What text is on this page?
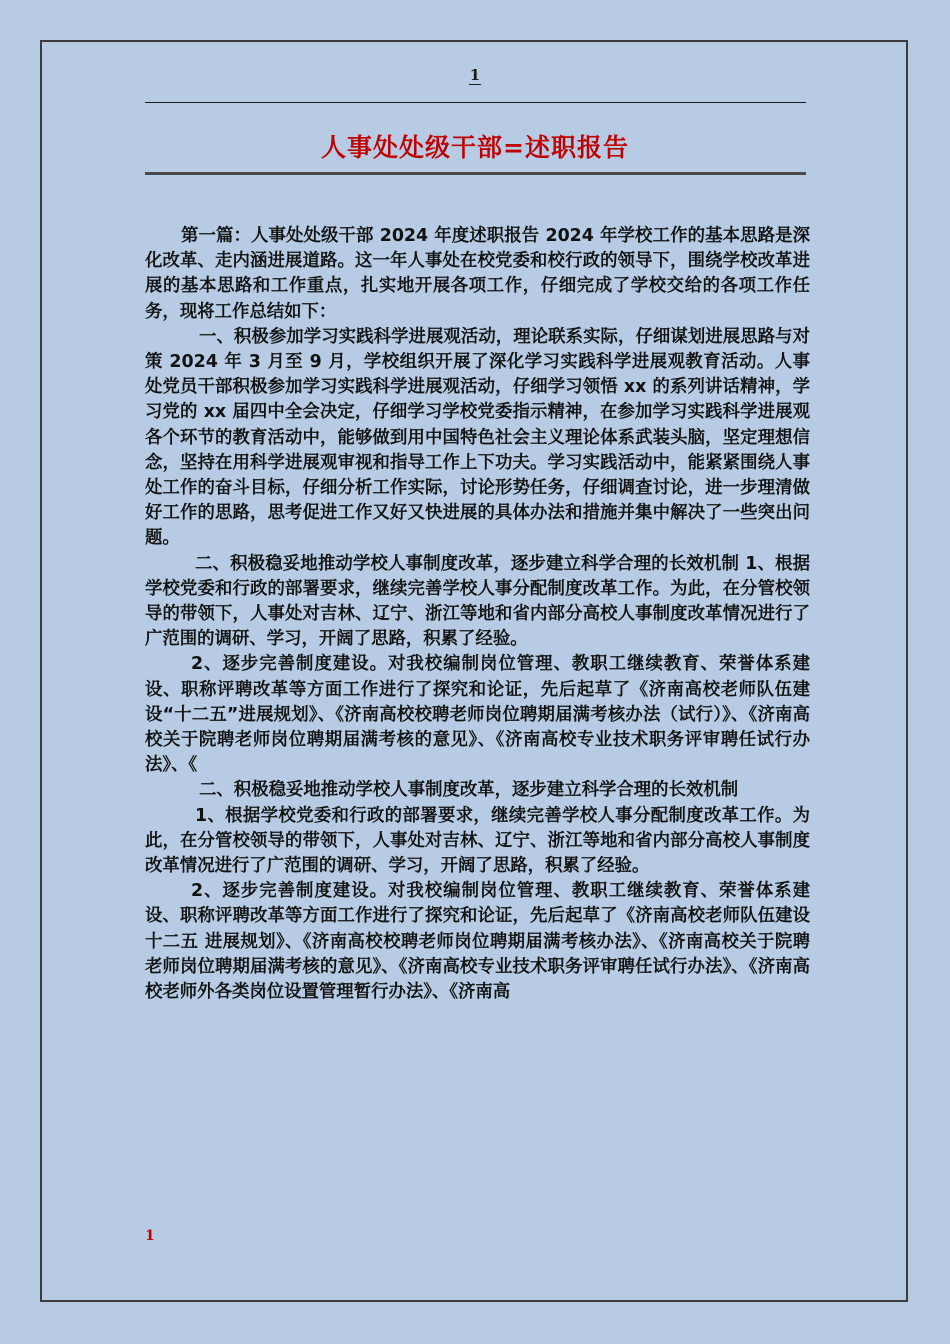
1
人事处处级干部=述职报告

第一篇：人事处处级干部 2024 年度述职报告 2024 年学校工作的基本思路是深化改革、走内涵进展道路。这一年人事处在校党委和校行政的领导下，围绕学校改革进展的基本思路和工作重点，扎实地开展各项工作，仔细完成了学校交给的各项工作任务，现将工作总结如下：

一、积极参加学习实践科学进展观活动，理论联系实际，仔细谋划进展思路与对策 2024 年 3 月至 9 月，学校组织开展了深化学习实践科学进展观教育活动。人事处党员干部积极参加学习实践科学进展观活动，仔细学习领悟 xx 的系列讲话精神，学习党的 xx 届四中全会决定，仔细学习学校党委指示精神，在参加学习实践科学进展观各个环节的教育活动中，能够做到用中国特色社会主义理论体系武装头脑，坚定理想信念，坚持在用科学进展观审视和指导工作上下功夫。学习实践活动中，能紧紧围绕人事处工作的奋斗目标，仔细分析工作实际，讨论形势任务，仔细调查讨论，进一步理清做好工作的思路，思考促进工作又好又快进展的具体办法和措施并集中解决了一些突出问题。

二、积极稳妥地推动学校人事制度改革，逐步建立科学合理的长效机制 1、根据学校党委和行政的部署要求，继续完善学校人事分配制度改革工作。为此，在分管校领导的带领下，人事处对吉林、辽宁、浙江等地和省内部分高校人事制度改革情况进行了广范围的调研、学习，开阔了思路，积累了经验。

2、逐步完善制度建设。对我校编制岗位管理、教职工继续教育、荣誉体系建设、职称评聘改革等方面工作进行了探究和论证，先后起草了《济南高校老师队伍建设“十二五”进展规划》、《济南高校校聘老师岗位聘期届满考核办法（试行）》、《济南高校关于院聘老师岗位聘期届满考核的意见》、《济南高校专业技术职务评审聘任试行办法》、《

二、积极稳妥地推动学校人事制度改革，逐步建立科学合理的长效机制

1、根据学校党委和行政的部署要求，继续完善学校人事分配制度改革工作。为此，在分管校领导的带领下，人事处对吉林、辽宁、浙江等地和省内部分高校人事制度改革情况进行了广范围的调研、学习，开阔了思路，积累了经验。

2、逐步完善制度建设。对我校编制岗位管理、教职工继续教育、荣誉体系建设、职称评聘改革等方面工作进行了探究和论证，先后起草了《济南高校老师队伍建设 十二五 进展规划》、《济南高校校聘老师岗位聘期届满考核办法》、《济南高校关于院聘老师岗位聘期届满考核的意见》、《济南高校专业技术职务评审聘任试行办法》、《济南高校老师外各类岗位设置管理暂行办法》、《济南高

1
